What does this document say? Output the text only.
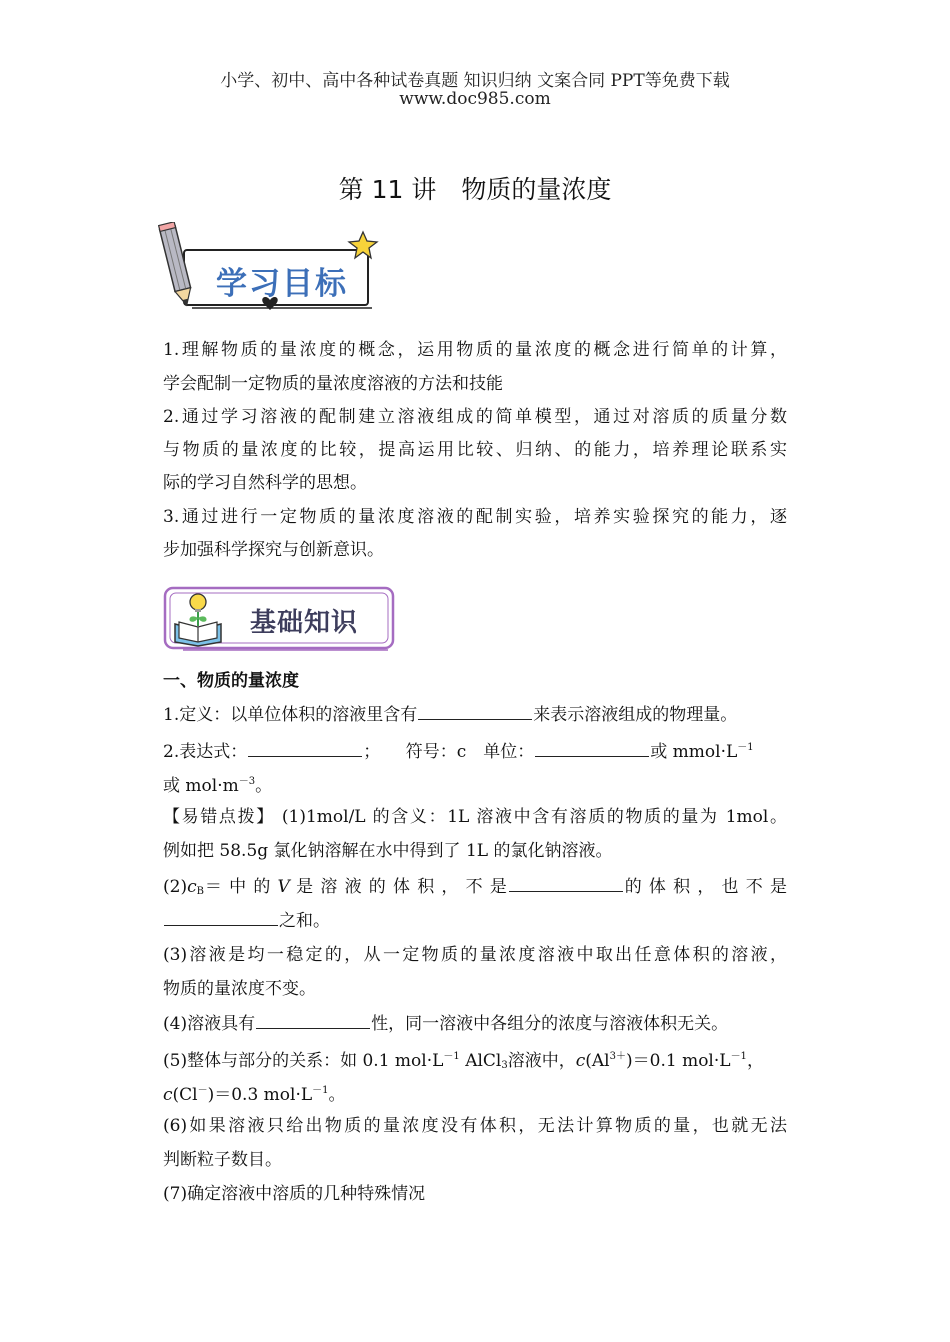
小学、初中、高中各种试卷真题 知识归纳 文案合同 PPT等免费下载
www.doc985.com
第 11 讲　物质的量浓度
学习目标
1.理解物质的量浓度的概念，运用物质的量浓度的概念进行简单的计算，
学会配制一定物质的量浓度溶液的方法和技能
2.通过学习溶液的配制建立溶液组成的简单模型，通过对溶质的质量分数
与物质的量浓度的比较，提高运用比较、归纳、的能力，培养理论联系实
际的学习自然科学的思想。
3.通过进行一定物质的量浓度溶液的配制实验，培养实验探究的能力，逐
步加强科学探究与创新意识。
基础知识
一、物质的量浓度
1.定义：以单位体积的溶液里含有	来表示溶液组成的物理量。
2.表达式：	；　　符号：c　单位：	或 $mmol\cdot L^{-1}$
或 $mol\cdot m^{-3}$。
【易错点拨】 (1)1mol/L 的含义：1L 溶液中含有溶质的物质的量为 1mol。
例如把 58.5g 氯化钠溶解在水中得到了 1L 的氯化钠溶液。
$(2)c_B=$ 中 的 V 是 溶 液 的 体 积 ， 不 是	的 体 积 ， 也 不 是
之和。
(3)溶液是均一稳定的，从一定物质的量浓度溶液中取出任意体积的溶液，
物质的量浓度不变。
(4)溶液具有	性，同一溶液中各组分的浓度与溶液体积无关。
(5)整体与部分的关系：如 0.1 $mol\cdot L^{-1}$ AlCl$_3$溶液中，$c(Al^{3+})=0.1$ $mol\cdot L^{-1}$，
c(Cl－)＝0.3 $mol\cdot L^{-1}$。
(6)如果溶液只给出物质的量浓度没有体积，无法计算物质的量，也就无法
判断粒子数目。
(7)确定溶液中溶质的几种特殊情况
